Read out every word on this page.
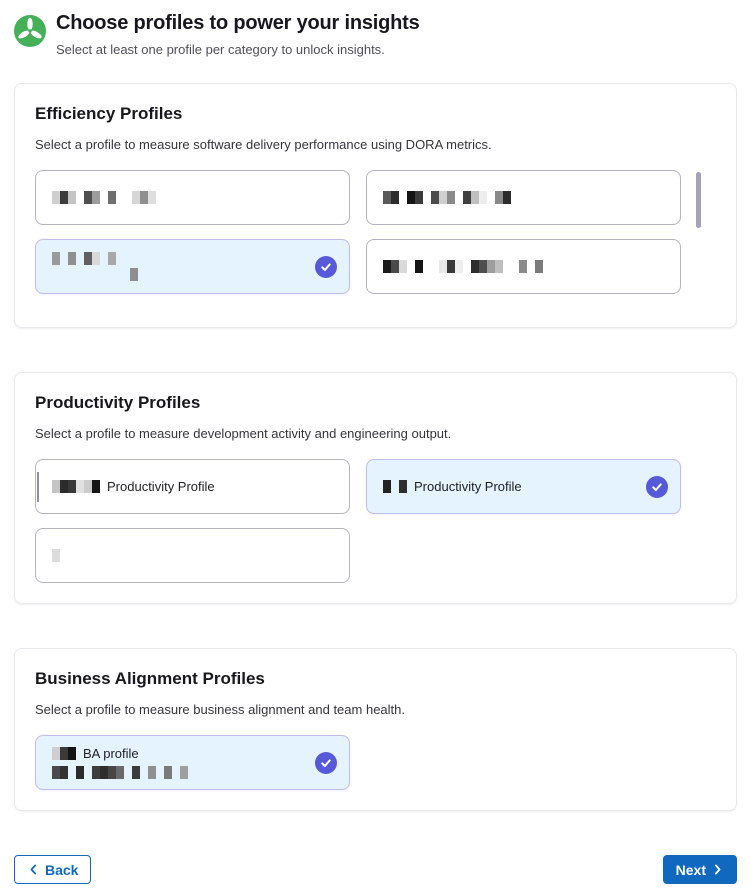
Choose profiles to power your insights

Select at least one profile per category to unlock insights.

Efficiency Profiles

Select a profile to measure software delivery performance using DORA metrics.

Productivity Profiles

Select a profile to measure development activity and engineering output.

Productivity Profile	Productivity Profile
Business Alignment Profiles

Select a profile to measure business alignment and team health.

BA profile
Back	Next
